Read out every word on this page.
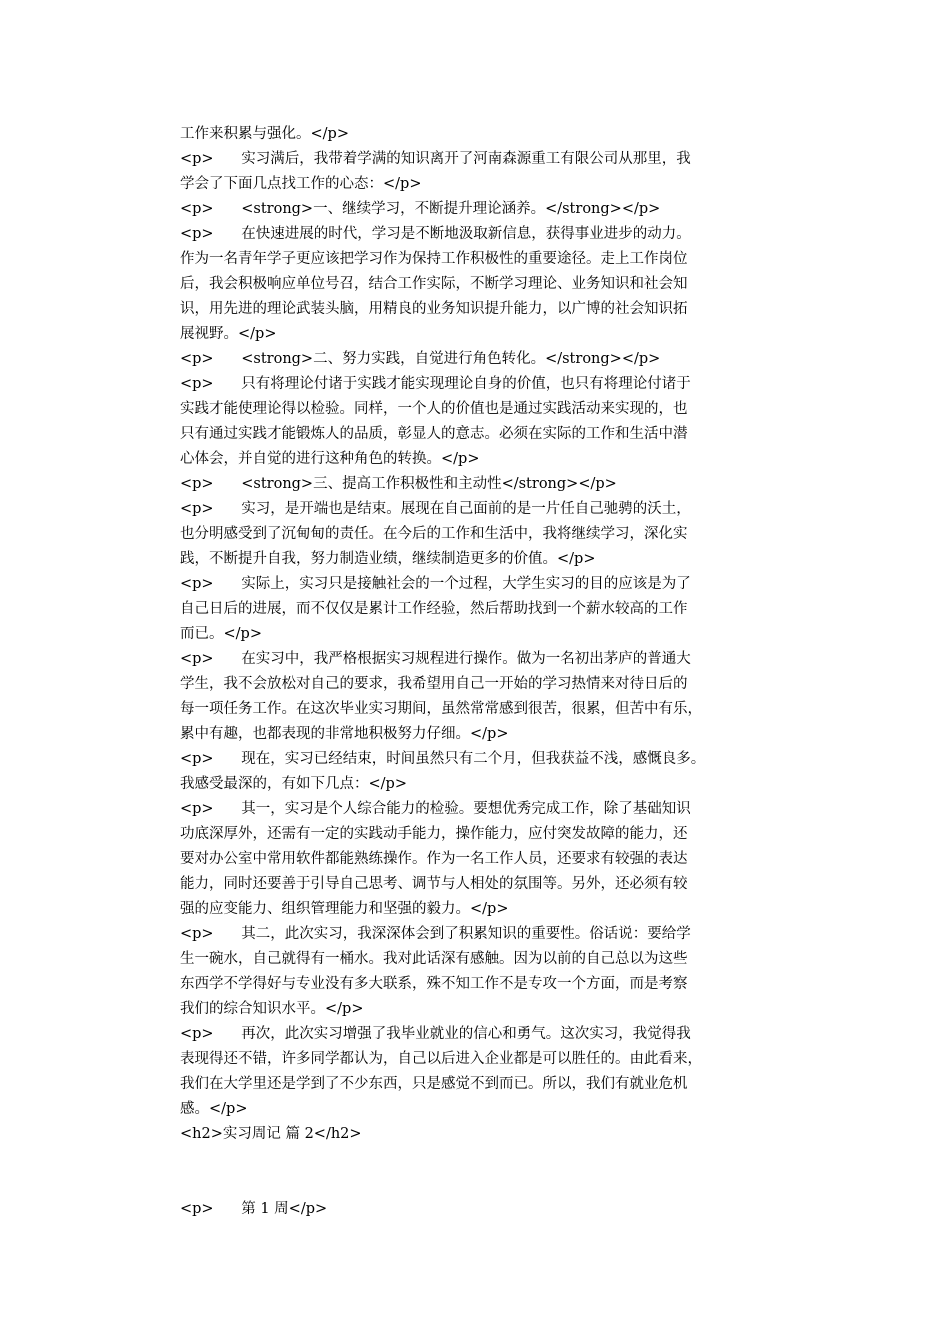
工作来积累与强化。</p>
<p>      实习满后，我带着学满的知识离开了河南森源重工有限公司从那里，我
学会了下面几点找工作的心态：</p>
<p>      <strong>一、继续学习，不断提升理论涵养。</strong></p>
<p>      在快速进展的时代，学习是不断地汲取新信息，获得事业进步的动力。
作为一名青年学子更应该把学习作为保持工作积极性的重要途径。走上工作岗位
后，我会积极响应单位号召，结合工作实际，不断学习理论、业务知识和社会知
识，用先进的理论武装头脑，用精良的业务知识提升能力，以广博的社会知识拓
展视野。</p>
<p>      <strong>二、努力实践，自觉进行角色转化。</strong></p>
<p>      只有将理论付诸于实践才能实现理论自身的价值，也只有将理论付诸于
实践才能使理论得以检验。同样，一个人的价值也是通过实践活动来实现的，也
只有通过实践才能锻炼人的品质，彰显人的意志。必须在实际的工作和生活中潜
心体会，并自觉的进行这种角色的转换。</p>
<p>      <strong>三、提高工作积极性和主动性</strong></p>
<p>      实习，是开端也是结束。展现在自己面前的是一片任自己驰骋的沃土，
也分明感受到了沉甸甸的责任。在今后的工作和生活中，我将继续学习，深化实
践，不断提升自我，努力制造业绩，继续制造更多的价值。</p>
<p>      实际上，实习只是接触社会的一个过程，大学生实习的目的应该是为了
自己日后的进展，而不仅仅是累计工作经验，然后帮助找到一个薪水较高的工作
而已。</p>
<p>      在实习中，我严格根据实习规程进行操作。做为一名初出茅庐的普通大
学生，我不会放松对自己的要求，我希望用自己一开始的学习热情来对待日后的
每一项任务工作。在这次毕业实习期间，虽然常常感到很苦，很累，但苦中有乐，
累中有趣，也都表现的非常地积极努力仔细。</p>
<p>      现在，实习已经结束，时间虽然只有二个月，但我获益不浅，感慨良多。
我感受最深的，有如下几点：</p>
<p>      其一，实习是个人综合能力的检验。要想优秀完成工作，除了基础知识
功底深厚外，还需有一定的实践动手能力，操作能力，应付突发故障的能力，还
要对办公室中常用软件都能熟练操作。作为一名工作人员，还要求有较强的表达
能力，同时还要善于引导自己思考、调节与人相处的氛围等。另外，还必须有较
强的应变能力、组织管理能力和坚强的毅力。</p>
<p>      其二，此次实习，我深深体会到了积累知识的重要性。俗话说：要给学
生一碗水，自己就得有一桶水。我对此话深有感触。因为以前的自己总以为这些
东西学不学得好与专业没有多大联系，殊不知工作不是专攻一个方面，而是考察
我们的综合知识水平。</p>
<p>      再次，此次实习增强了我毕业就业的信心和勇气。这次实习，我觉得我
表现得还不错，许多同学都认为，自己以后进入企业都是可以胜任的。由此看来，
我们在大学里还是学到了不少东西，只是感觉不到而已。所以，我们有就业危机
感。</p>
<h2>实习周记 篇 2</h2>
<p>      第 1 周</p>
